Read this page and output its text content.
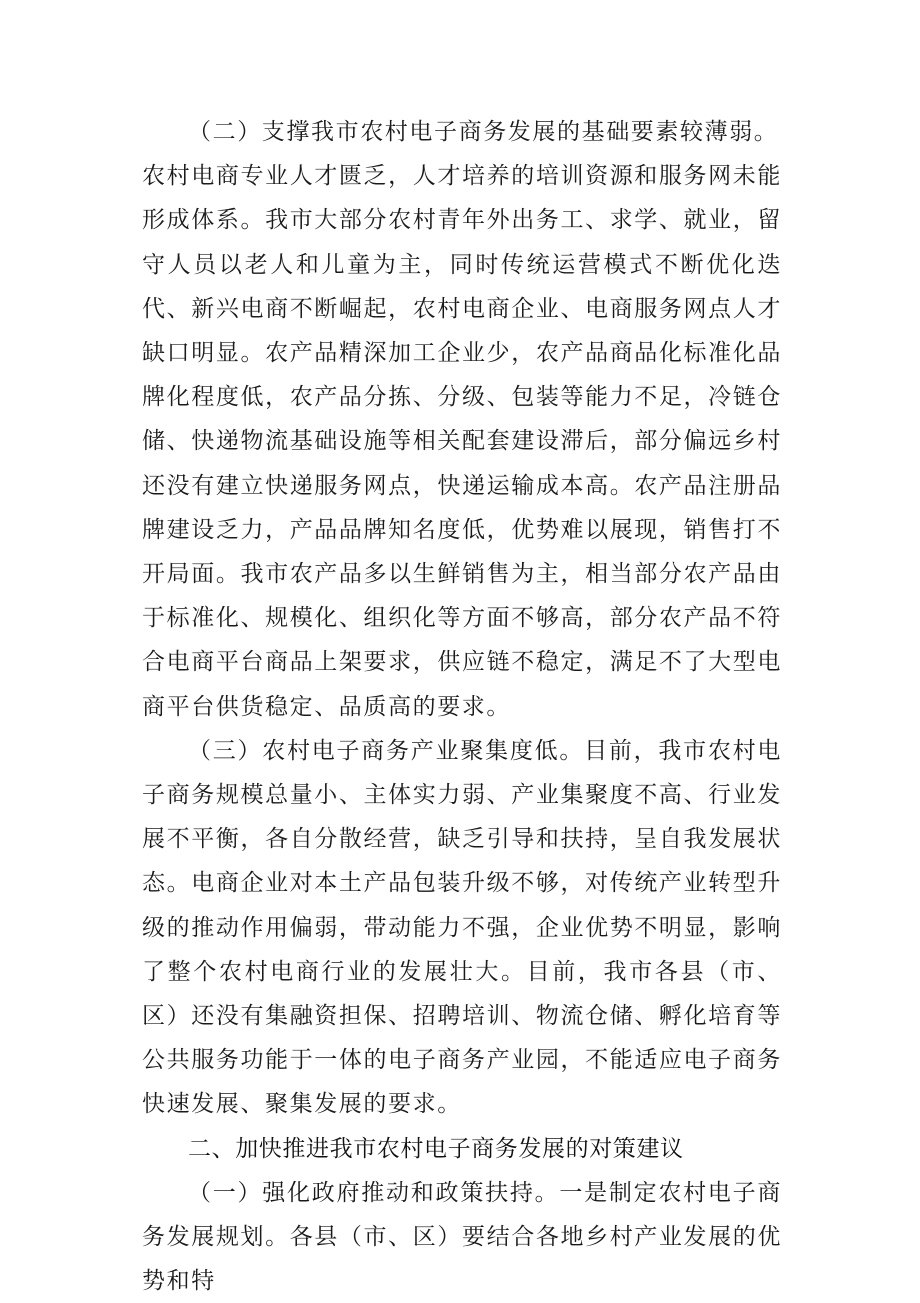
（二）支撑我市农村电子商务发展的基础要素较薄弱。

农村电商专业人才匮乏，人才培养的培训资源和服务网未能形成体系。我市大部分农村青年外出务工、求学、就业，留守人员以老人和儿童为主，同时传统运营模式不断优化迭代、新兴电商不断崛起，农村电商企业、电商服务网点人才缺口明显。农产品精深加工企业少，农产品商品化标准化品牌化程度低，农产品分拣、分级、包装等能力不足，冷链仓储、快递物流基础设施等相关配套建设滞后，部分偏远乡村还没有建立快递服务网点，快递运输成本高。农产品注册品牌建设乏力，产品品牌知名度低，优势难以展现，销售打不开局面。我市农产品多以生鲜销售为主，相当部分农产品由于标准化、规模化、组织化等方面不够高，部分农产品不符合电商平台商品上架要求，供应链不稳定，满足不了大型电商平台供货稳定、品质高的要求。

（三）农村电子商务产业聚集度低。目前，我市农村电子商务规模总量小、主体实力弱、产业集聚度不高、行业发展不平衡，各自分散经营，缺乏引导和扶持，呈自我发展状态。电商企业对本土产品包装升级不够，对传统产业转型升级的推动作用偏弱，带动能力不强，企业优势不明显，影响了整个农村电商行业的发展壮大。目前，我市各县（市、区）还没有集融资担保、招聘培训、物流仓储、孵化培育等公共服务功能于一体的电子商务产业园，不能适应电子商务快速发展、聚集发展的要求。

二、加快推进我市农村电子商务发展的对策建议

（一）强化政府推动和政策扶持。一是制定农村电子商务发展规划。各县（市、区）要结合各地乡村产业发展的优势和特
